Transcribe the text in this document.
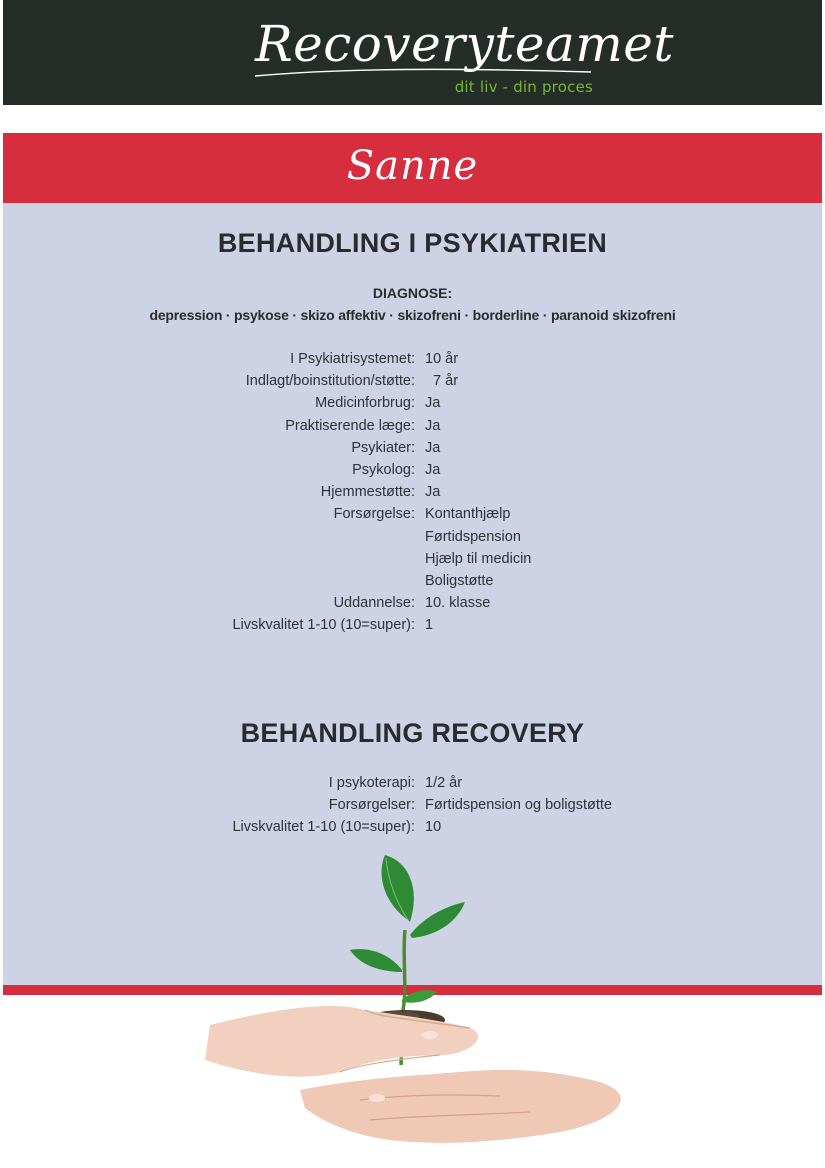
Recoveryteamet
dit liv - din proces
Sanne
BEHANDLING I PSYKIATRIEN
DIAGNOSE:
depression · psykose · skizo affektiv · skizofreni · borderline · paranoid skizofreni
I Psykiatrisystemet: 10 år
Indlagt/boinstitution/støtte: 7 år
Medicinforbrug: Ja
Praktiserende læge: Ja
Psykiater: Ja
Psykolog: Ja
Hjemmestøtte: Ja
Forsørgelse: Kontanthjælp
Førtidspension
Hjælp til medicin
Boligstøtte
Uddannelse: 10. klasse
Livskvalitet 1-10 (10=super): 1
BEHANDLING RECOVERY
I psykoterapi: 1/2 år
Forsørgelser: Førtidspension og boligstøtte
Livskvalitet 1-10 (10=super): 10
